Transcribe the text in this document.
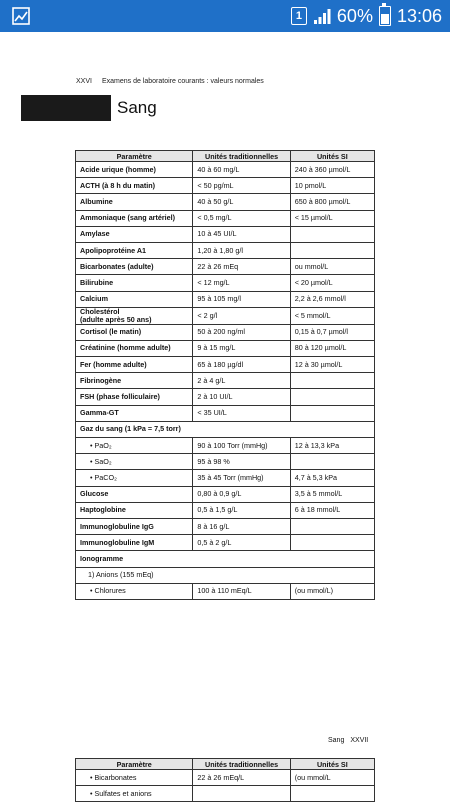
1 60% 13:06
XXVI Examens de laboratoire courants : valeurs normales
Sang
Paramètre	Unités traditionnelles	Unités SI
Acide urique (homme)	40 à 60 mg/L	240 à 360 µmol/L
ACTH (à 8 h du matin)	< 50 pg/mL	10 pmol/L
Albumine	40 à 50 g/L	650 à 800 µmol/L
Ammoniaque (sang artériel)	< 0,5 mg/L	< 15 µmol/L
Amylase	10 à 45 UI/L	
Apolipoprotéine A1	1,20 à 1,80 g/l	
Bicarbonates (adulte)	22 à 26 mEq	ou mmol/L
Bilirubine	< 12 mg/L	< 20 µmol/L
Calcium	95 à 105 mg/l	2,2 à 2,6 mmol/l
Cholestérol
(adulte après 50 ans)	< 2 g/l	< 5 mmol/L
Cortisol (le matin)	50 à 200 ng/ml	0,15 à 0,7 µmol/l
Créatinine (homme adulte)	9 à 15 mg/L	80 à 120 µmol/L
Fer (homme adulte)	65 à 180 µg/dl	12 à 30 µmol/L
Fibrinogène	2 à 4 g/L	
FSH (phase folliculaire)	2 à 10 UI/L	
Gamma-GT	< 35 UI/L	
Gaz du sang (1 kPa = 7,5 torr)		
• PaO₂	90 à 100 Torr (mmHg)	12 à 13,3 kPa
• SaO₂	95 à 98 %	
• PaCO₂	35 à 45 Torr (mmHg)	4,7 à 5,3 kPa
Glucose	0,80 à 0,9 g/L	3,5 à 5 mmol/L
Haptoglobine	0,5 à 1,5 g/L	6 à 18 mmol/L
Immunoglobuline IgG	8 à 16 g/L	
Immunoglobuline IgM	0,5 à 2 g/L	
Ionogramme		
1) Anions (155 mEq)		
• Chlorures	100 à 110 mEq/L	(ou mmol/L)
Sang XXVII
Paramètre	Unités traditionnelles	Unités SI
• Bicarbonates	22 à 26 mEq/L	(ou mmol/L
• Sulfates et anions		
